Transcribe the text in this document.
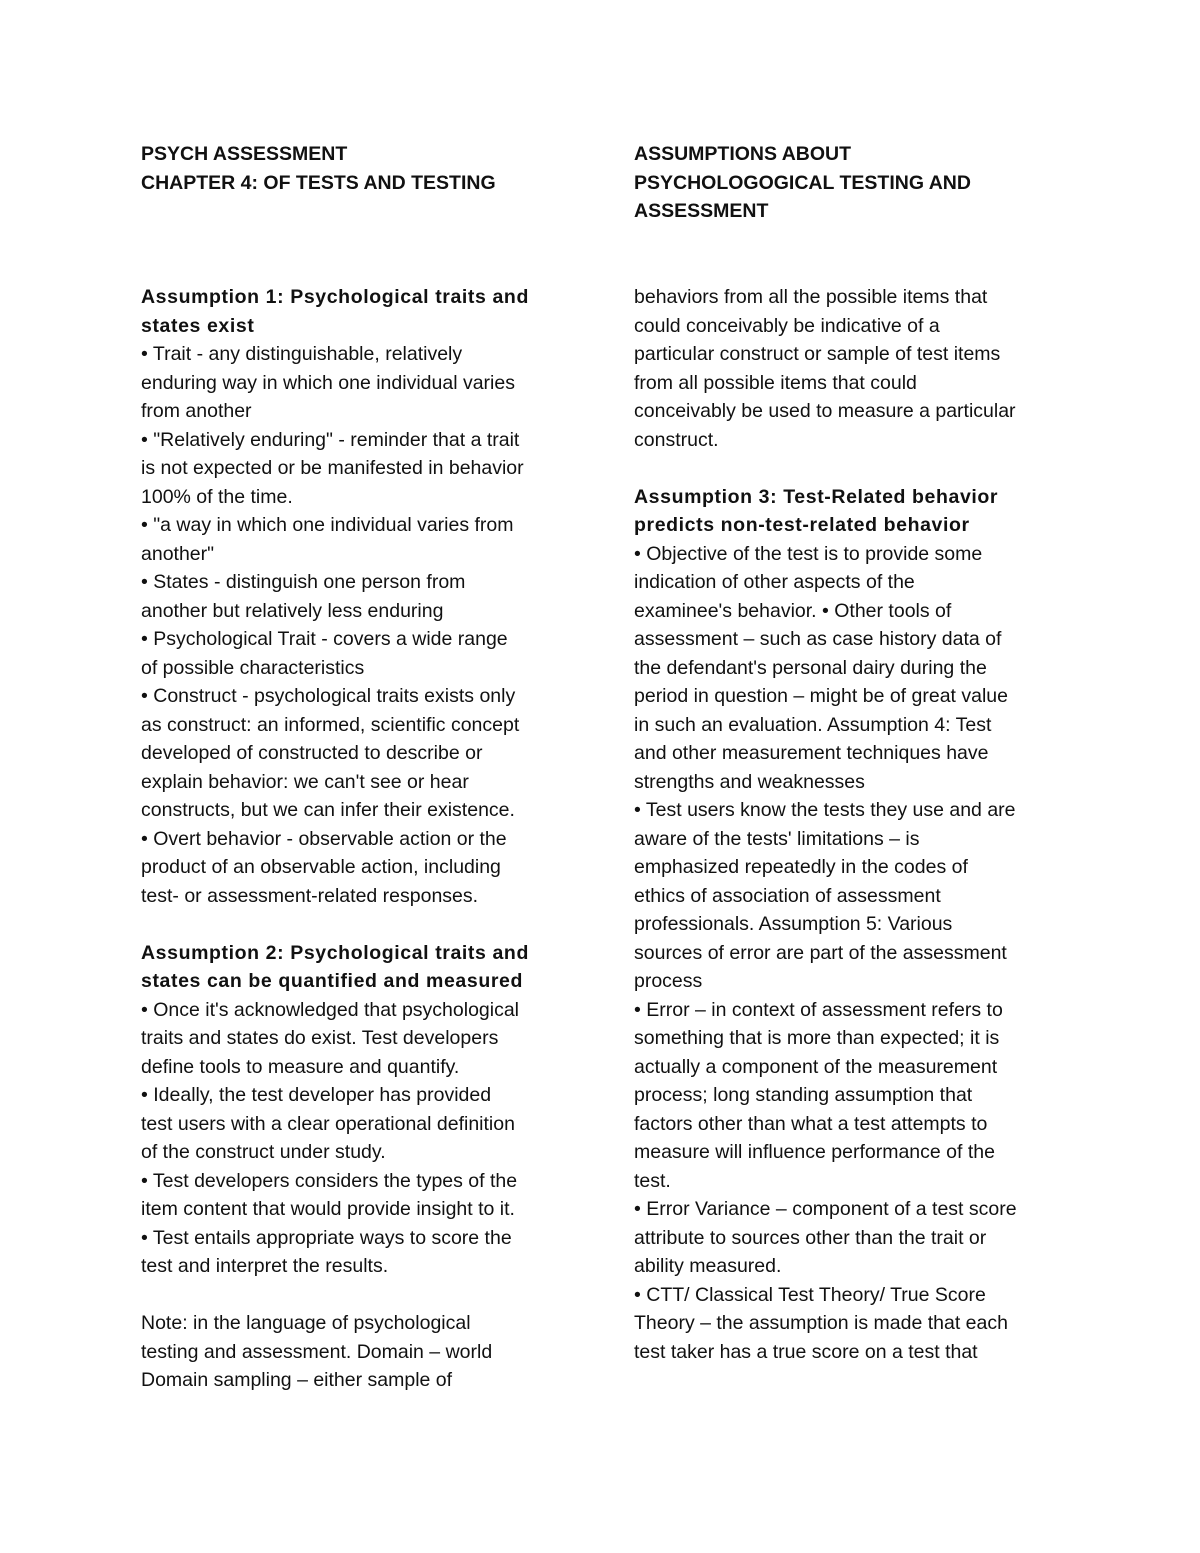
PSYCH ASSESSMENT
CHAPTER 4: OF TESTS AND TESTING
Assumption 1: Psychological traits and
states exist
• Trait - any distinguishable, relatively
enduring way in which one individual varies
from another
• "Relatively enduring" - reminder that a trait
is not expected or be manifested in behavior
100% of the time.
• "a way in which one individual varies from
another"
• States - distinguish one person from
another but relatively less enduring
• Psychological Trait - covers a wide range
of possible characteristics
• Construct - psychological traits exists only
as construct: an informed, scientific concept
developed of constructed to describe or
explain behavior: we can't see or hear
constructs, but we can infer their existence.
• Overt behavior - observable action or the
product of an observable action, including
test- or assessment-related responses.
Assumption 2: Psychological traits and
states can be quantified and measured
• Once it's acknowledged that psychological
traits and states do exist. Test developers
define tools to measure and quantify.
• Ideally, the test developer has provided
test users with a clear operational definition
of the construct under study.
• Test developers considers the types of the
item content that would provide insight to it.
• Test entails appropriate ways to score the
test and interpret the results.
Note: in the language of psychological
testing and assessment. Domain – world
Domain sampling – either sample of
ASSUMPTIONS ABOUT
PSYCHOLOGOGICAL TESTING AND
ASSESSMENT
behaviors from all the possible items that
could conceivably be indicative of a
particular construct or sample of test items
from all possible items that could
conceivably be used to measure a particular
construct.
Assumption 3: Test-Related behavior
predicts non-test-related behavior
• Objective of the test is to provide some
indication of other aspects of the
examinee's behavior. • Other tools of
assessment – such as case history data of
the defendant's personal dairy during the
period in question – might be of great value
in such an evaluation. Assumption 4: Test
and other measurement techniques have
strengths and weaknesses
• Test users know the tests they use and are
aware of the tests' limitations – is
emphasized repeatedly in the codes of
ethics of association of assessment
professionals. Assumption 5: Various
sources of error are part of the assessment
process
• Error – in context of assessment refers to
something that is more than expected; it is
actually a component of the measurement
process; long standing assumption that
factors other than what a test attempts to
measure will influence performance of the
test.
• Error Variance – component of a test score
attribute to sources other than the trait or
ability measured.
• CTT/ Classical Test Theory/ True Score
Theory – the assumption is made that each
test taker has a true score on a test that
